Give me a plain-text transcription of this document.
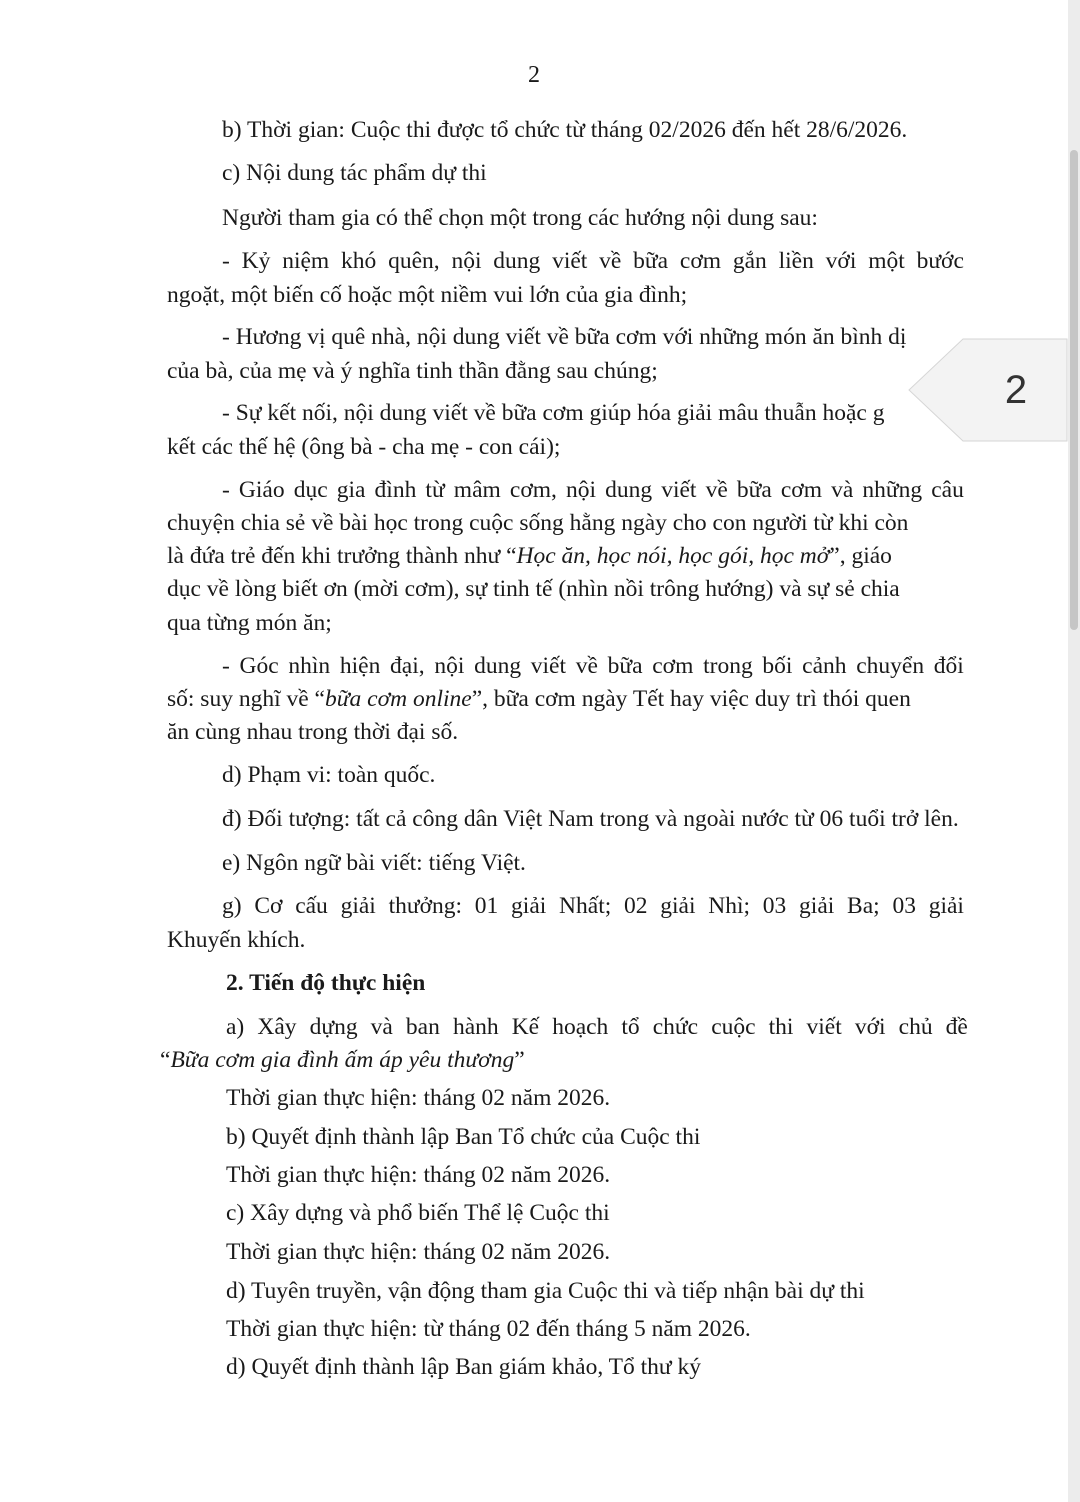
2
b) Thời gian: Cuộc thi được tổ chức từ tháng 02/2026 đến hết 28/6/2026.
c) Nội dung tác phẩm dự thi
Người tham gia có thể chọn một trong các hướng nội dung sau:
- Kỷ niệm khó quên, nội dung viết về bữa cơm gắn liền với một bước
ngoặt, một biến cố hoặc một niềm vui lớn của gia đình;
- Hương vị quê nhà, nội dung viết về bữa cơm với những món ăn bình dị
của bà, của mẹ và ý nghĩa tinh thần đằng sau chúng;
- Sự kết nối, nội dung viết về bữa cơm giúp hóa giải mâu thuẫn hoặc g
kết các thế hệ (ông bà - cha mẹ - con cái);
- Giáo dục gia đình từ mâm cơm, nội dung viết về bữa cơm và những câu
chuyện chia sẻ về bài học trong cuộc sống hằng ngày cho con người từ khi còn
là đứa trẻ đến khi trưởng thành như “Học ăn, học nói, học gói, học mở”, giáo
dục về lòng biết ơn (mời cơm), sự tinh tế (nhìn nồi trông hướng) và sự sẻ chia
qua từng món ăn;
- Góc nhìn hiện đại, nội dung viết về bữa cơm trong bối cảnh chuyển đổi
số: suy nghĩ về “bữa cơm online”, bữa cơm ngày Tết hay việc duy trì thói quen
ăn cùng nhau trong thời đại số.
d) Phạm vi: toàn quốc.
đ) Đối tượng: tất cả công dân Việt Nam trong và ngoài nước từ 06 tuổi trở lên.
e) Ngôn ngữ bài viết: tiếng Việt.
g) Cơ cấu giải thưởng: 01 giải Nhất; 02 giải Nhì; 03 giải Ba; 03 giải
Khuyến khích.
2. Tiến độ thực hiện
a) Xây dựng và ban hành Kế hoạch tổ chức cuộc thi viết với chủ đề
“Bữa cơm gia đình ấm áp yêu thương”
Thời gian thực hiện: tháng 02 năm 2026.
b) Quyết định thành lập Ban Tổ chức của Cuộc thi
Thời gian thực hiện: tháng 02 năm 2026.
c) Xây dựng và phổ biến Thể lệ Cuộc thi
Thời gian thực hiện: tháng 02 năm 2026.
d) Tuyên truyền, vận động tham gia Cuộc thi và tiếp nhận bài dự thi
Thời gian thực hiện: từ tháng 02 đến tháng 5 năm 2026.
d) Quyết định thành lập Ban giám khảo, Tổ thư ký
2
